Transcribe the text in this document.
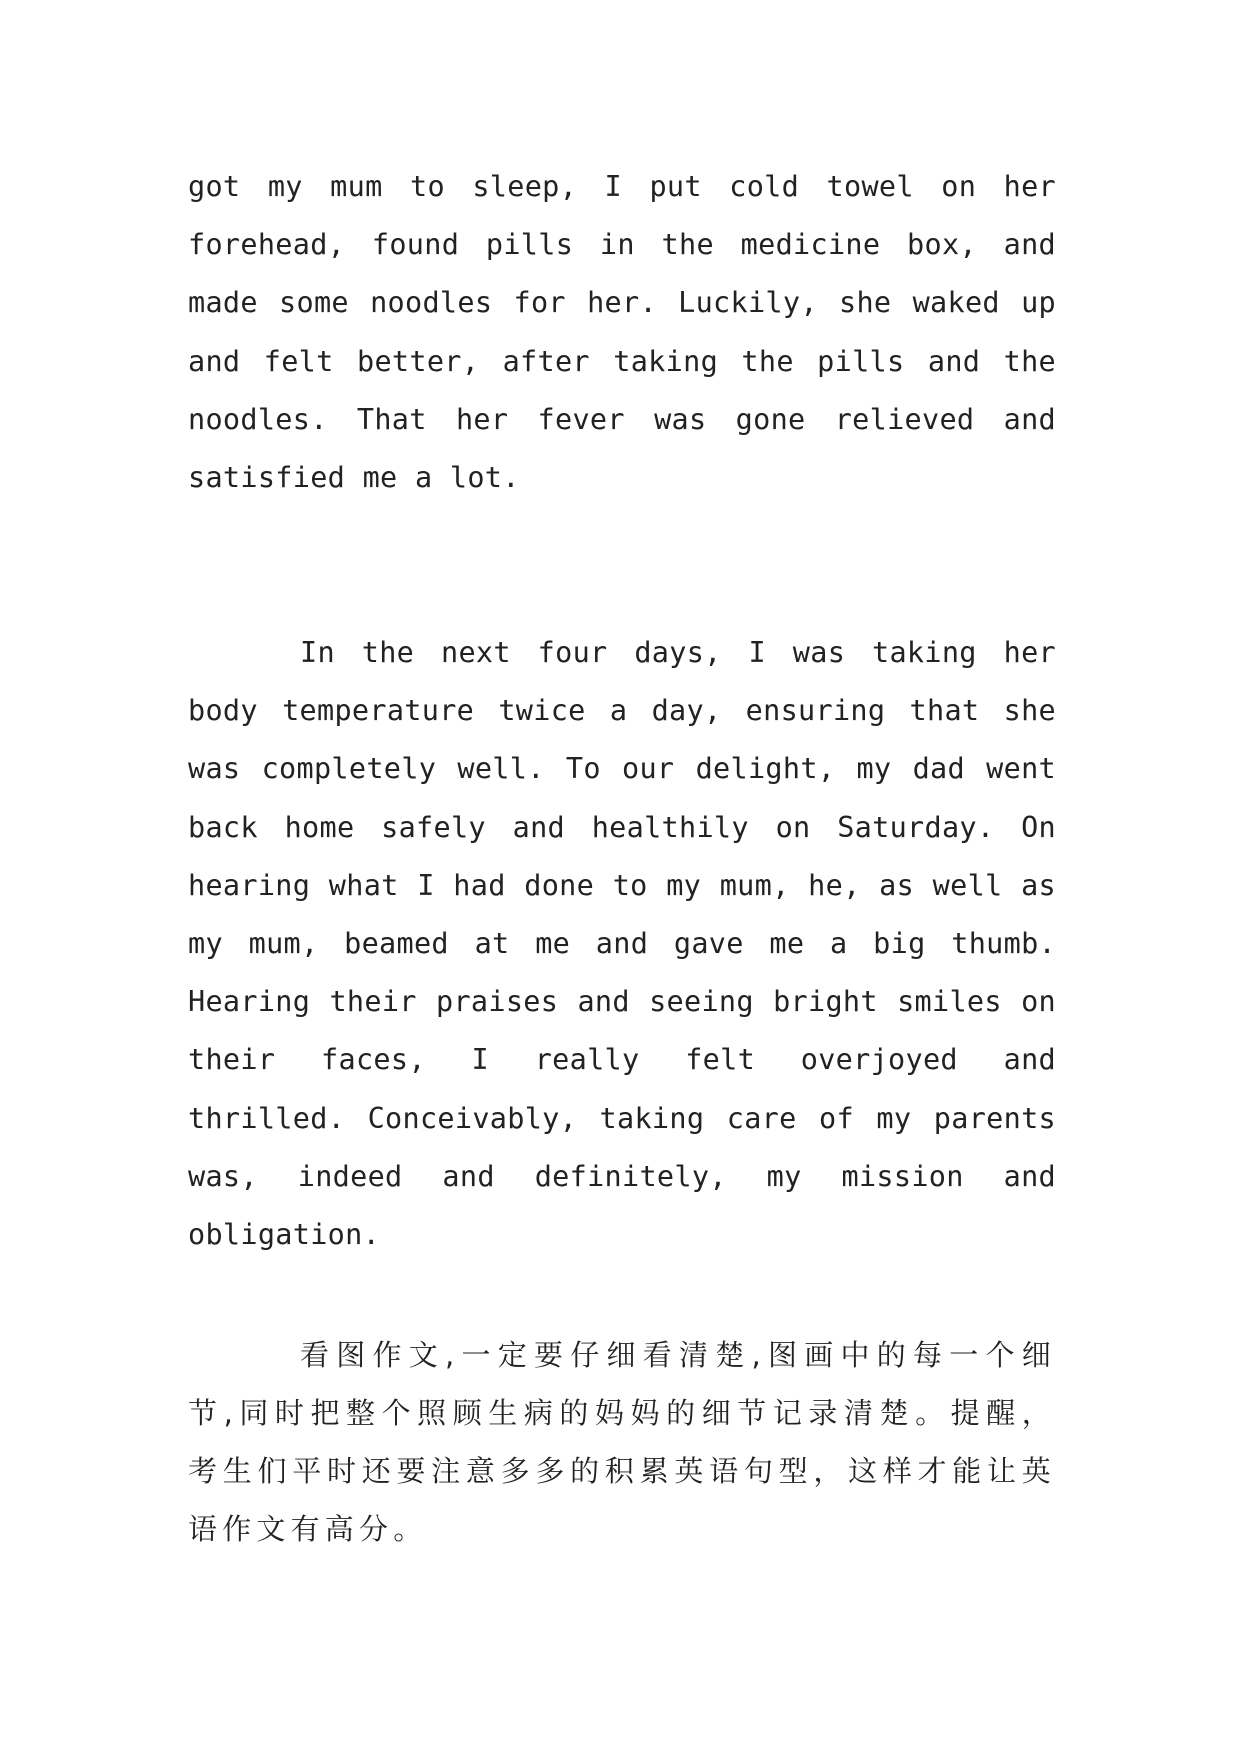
got my mum to sleep, I put cold towel on her forehead, found pills in the medicine box, and made some noodles for her. Luckily, she waked up and felt better, after taking the pills and the noodles. That her fever was gone relieved and satisfied me a lot.

In the next four days, I was taking her body temperature twice a day, ensuring that she was completely well. To our delight, my dad went back home safely and healthily on Saturday. On hearing what I had done to my mum, he, as well as my mum, beamed at me and gave me a big thumb. Hearing their praises and seeing bright smiles on their faces, I really felt overjoyed and thrilled. Conceivably, taking care of my parents was, indeed and definitely, my mission and obligation.

看图作文,一定要仔细看清楚,图画中的每一个细节,同时把整个照顾生病的妈妈的细节记录清楚。提醒，考生们平时还要注意多多的积累英语句型，这样才能让英语作文有高分。
